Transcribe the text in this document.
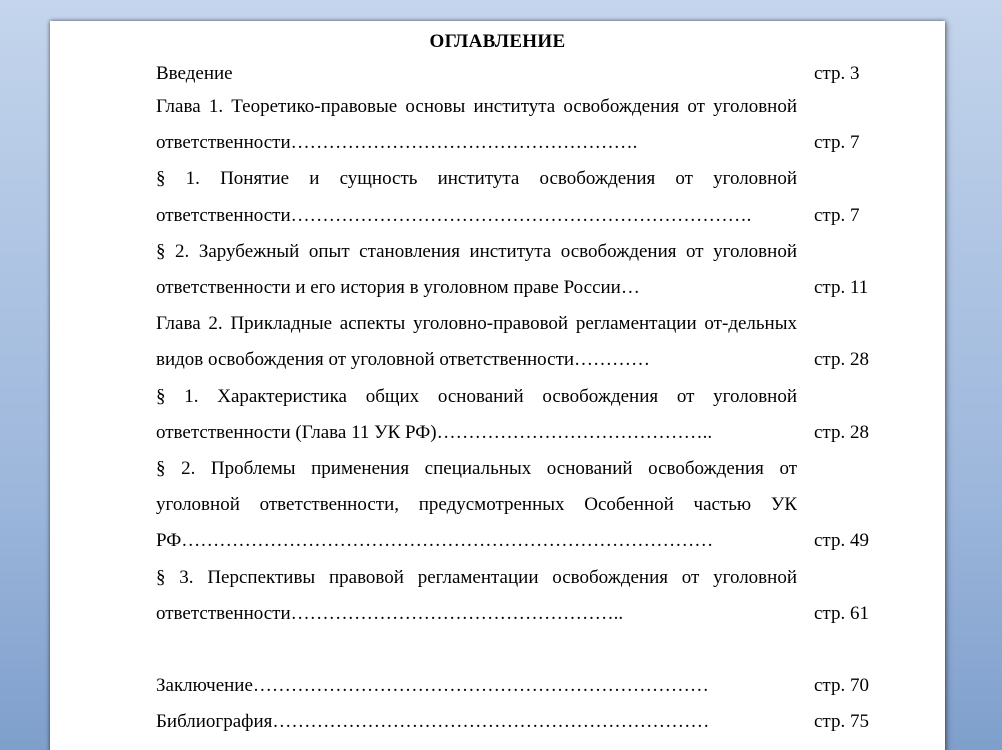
ОГЛАВЛЕНИЕ
Введение	стр. 3
Глава 1. Теоретико-правовые основы института освобождения от уголовной ответственности……………………………………………….	стр. 7
§ 1. Понятие и сущность института освобождения от уголовной ответственности……………………………………………………………….	стр. 7
§ 2. Зарубежный опыт становления института освобождения от уголовной ответственности и его история в уголовном праве России…	стр. 11
Глава 2. Прикладные аспекты уголовно-правовой регламентации от-дельных видов освобождения от уголовной ответственности…………	стр. 28
§ 1. Характеристика общих оснований освобождения от уголовной ответственности (Глава 11 УК РФ)……………………………………..	стр. 28
§ 2. Проблемы применения специальных оснований освобождения от уголовной ответственности, предусмотренных Особенной частью УК РФ…………………………………………………………………………	стр. 49
§ 3. Перспективы правовой регламентации освобождения от уголовной ответственности……………………………………………..	стр. 61
Заключение………………………………………………………………	стр. 70
Библиография……………………………………………………………	стр. 75
